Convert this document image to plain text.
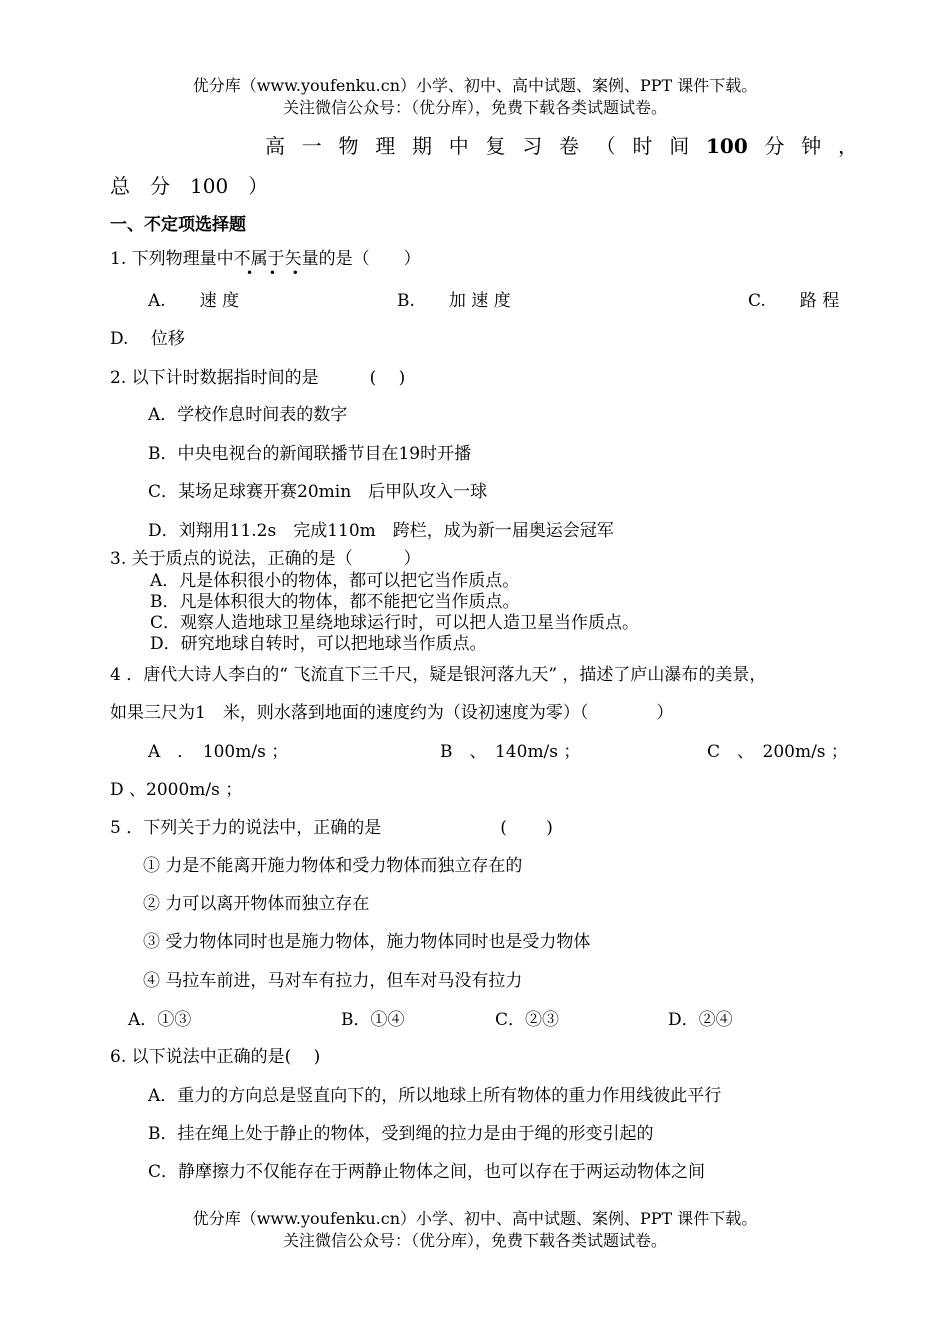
优分库（www.youfenku.cn）小学、初中、高中试题、案例、PPT 课件下载。
关注微信公众号：（优分库），免费下载各类试题试卷。
高 一 物 理 期 中 复 习 卷 （ 时 间 100 分 钟 ，
总　分　100　）
一、不定项选择题
1. 下列物理量中不属于矢量的是（　　）
• • •
A.　　速 度	B.　　加 速 度	C.　　路 程
D.　 位移
2. 以下计时数据指时间的是　　　(　 )
A．学校作息时间表的数字
B．中央电视台的新闻联播节目在19时开播
C．某场足球赛开赛20min　后甲队攻入一球
D．刘翔用11.2s　完成110m　跨栏，成为新一届奥运会冠军
3. 关于质点的说法，正确的是（　　　）
A．凡是体积很小的物体，都可以把它当作质点。
B．凡是体积很大的物体，都不能把它当作质点。
C．观察人造地球卫星绕地球运行时，可以把人造卫星当作质点。
D．研究地球自转时，可以把地球当作质点。
4 ．唐代大诗人李白的“ 飞流直下三千尺，疑是银河落九天” ，描述了庐山瀑布的美景，
如果三尺为1　米，则水落到地面的速度约为（设初速度为零）（　　　　）
A　．　100m/s ；	B　、　140m/s ；	C　、　200m/s ；
D 、2000m/s ；
5 ．下列关于力的说法中，正确的是　　　　　　　(　　 )
① 力是不能离开施力物体和受力物体而独立存在的
② 力可以离开物体而独立存在
③ 受力物体同时也是施力物体，施力物体同时也是受力物体
④ 马拉车前进，马对车有拉力，但车对马没有拉力
A．①③	B．①④	C．②③	D．②④
6. 以下说法中正确的是(　 )
A．重力的方向总是竖直向下的，所以地球上所有物体的重力作用线彼此平行
B．挂在绳上处于静止的物体，受到绳的拉力是由于绳的形变引起的
C．静摩擦力不仅能存在于两静止物体之间，也可以存在于两运动物体之间
优分库（www.youfenku.cn）小学、初中、高中试题、案例、PPT 课件下载。
关注微信公众号：（优分库），免费下载各类试题试卷。
